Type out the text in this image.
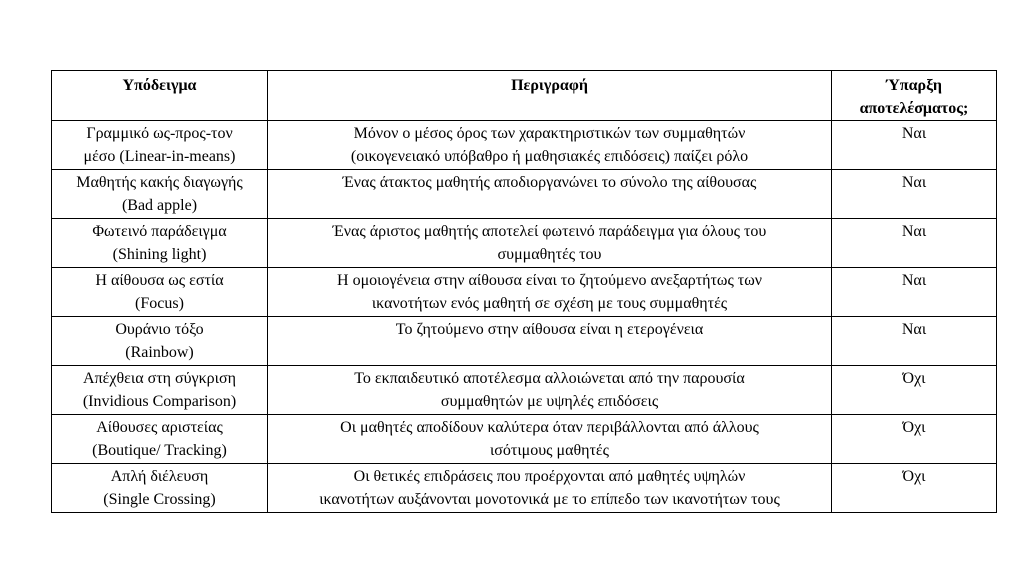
Υπόδειγμα	Περιγραφή	Ύπαρξη
αποτελέσματος;

Γραμμικό ως-προς-τον
μέσο (Linear-in-means)	Μόνον ο μέσος όρος των χαρακτηριστικών των συμμαθητών
(οικογενειακό υπόβαθρο ή μαθησιακές επιδόσεις) παίζει ρόλο	Ναι

Μαθητής κακής διαγωγής
(Bad apple)	Ένας άτακτος μαθητής αποδιοργανώνει το σύνολο της αίθουσας	Ναι

Φωτεινό παράδειγμα
(Shining light)	Ένας άριστος μαθητής αποτελεί φωτεινό παράδειγμα για όλους του
συμμαθητές του	Ναι

Η αίθουσα ως εστία
(Focus)	Η ομοιογένεια στην αίθουσα είναι το ζητούμενο ανεξαρτήτως των
ικανοτήτων ενός μαθητή σε σχέση με τους συμμαθητές	Ναι

Ουράνιο τόξο
(Rainbow)	Το ζητούμενο στην αίθουσα είναι η ετερογένεια	Ναι

Απέχθεια στη σύγκριση
(Invidious Comparison)	Το εκπαιδευτικό αποτέλεσμα αλλοιώνεται από την παρουσία
συμμαθητών με υψηλές επιδόσεις	Όχι

Αίθουσες αριστείας
(Boutique/ Tracking)	Οι μαθητές αποδίδουν καλύτερα όταν περιβάλλονται από άλλους
ισότιμους μαθητές	Όχι

Απλή διέλευση
(Single Crossing)	Οι θετικές επιδράσεις που προέρχονται από μαθητές υψηλών
ικανοτήτων αυξάνονται μονοτονικά με το επίπεδο των ικανοτήτων τους	Όχι
